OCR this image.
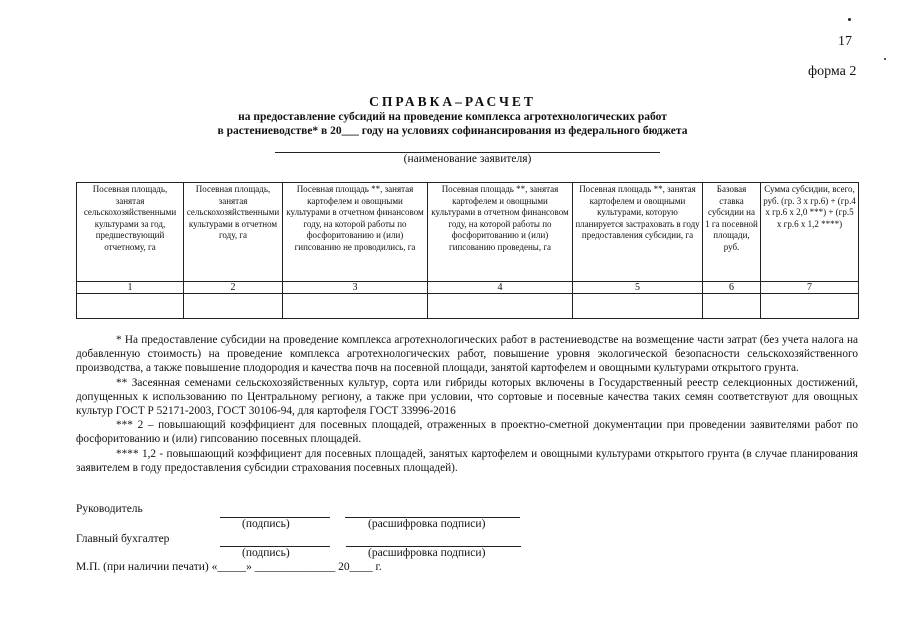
17
форма 2
СПРАВКА–РАСЧЕТ
на предоставление субсидий на проведение комплекса агротехнологических работ
в растениеводстве* в 20___ году на условиях софинансирования из федерального бюджета
(наименование заявителя)
Посевная площадь, занятая сельскохозяйственными культурами за год, предшествующий отчетному, га	Посевная площадь, занятая сельскохозяйственными культурами в отчетном году, га	Посевная площадь **, занятая картофелем и овощными культурами в отчетном финансовом году, на которой работы по фосфоритованию и (или) гипсованию не проводились, га	Посевная площадь **, занятая картофелем и овощными культурами в отчетном финансовом году, на которой работы по фосфоритованию и (или) гипсованию проведены, га	Посевная площадь **, занятая картофелем и овощными культурами, которую планируется застраховать в году предоставления субсидии, га	Базовая ставка субсидии на 1 га посевной площади, руб.	Сумма субсидии, всего, руб. (гр. 3 х гр.6) + (гр.4 х гр.6 х 2,0 ***) + (гр.5 х гр.6 х 1,2 ****)
1	2	3	4	5	6	7

* На предоставление субсидии на проведение комплекса агротехнологических работ в растениеводстве на возмещение части затрат (без учета налога на добавленную стоимость) на проведение комплекса агротехнологических работ, повышение уровня экологической безопасности сельскохозяйственного производства, а также повышение плодородия и качества почв на посевной площади, занятой картофелем и овощными культурами открытого грунта.

** Засеянная семенами сельскохозяйственных культур, сорта или гибриды которых включены в Государственный реестр селекционных достижений, допущенных к использованию по Центральному региону, а также при условии, что сортовые и посевные качества таких семян соответствуют для овощных культур ГОСТ Р 52171-2003, ГОСТ 30106-94, для картофеля ГОСТ 33996-2016

*** 2 – повышающий коэффициент для посевных площадей, отраженных в проектно-сметной документации при проведении заявителями работ по фосфоритованию и (или) гипсованию посевных площадей.

**** 1,2 - повышающий коэффициент для посевных площадей, занятых картофелем и овощными культурами открытого грунта (в случае планирования заявителем в году предоставления субсидии страхования посевных площадей).

Руководитель
(подпись)	(расшифровка подписи)
Главный бухгалтер
(подпись)	(расшифровка подписи)
М.П. (при наличии печати) «_____» ______________ 20____ г.
